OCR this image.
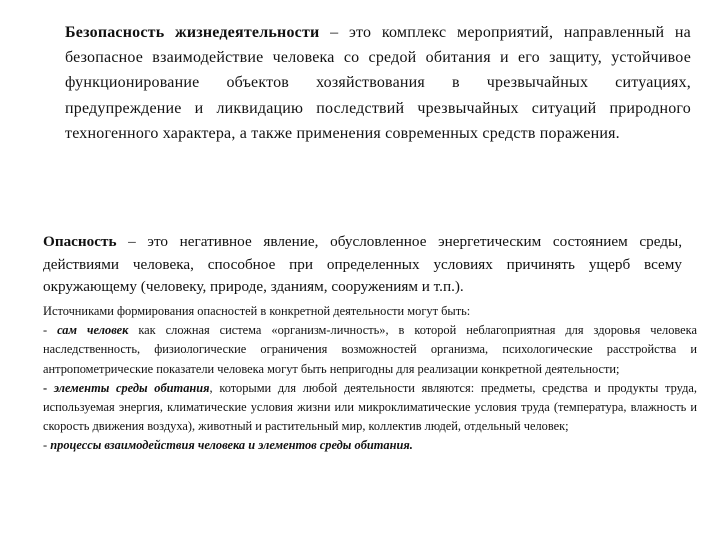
Безопасность жизнедеятельности – это комплекс мероприятий, направленный на безопасное взаимодействие человека со средой обитания и его защиту, устойчивое функционирование объектов хозяйствования в чрезвычайных ситуациях, предупреждение и ликвидацию последствий чрезвычайных ситуаций природного техногенного характера, а также применения современных средств поражения.

Опасность – это негативное явление, обусловленное энергетическим состоянием среды, действиями человека, способное при определенных условиях причинять ущерб всему окружающему (человеку, природе, зданиям, сооружениям и т.п.).

Источниками формирования опасностей в конкретной деятельности могут быть:
- сам человек как сложная система «организм-личность», в которой неблагоприятная для здоровья человека наследственность, физиологические ограничения возможностей организма, психологические расстройства и антропометрические показатели человека могут быть непригодны для реализации конкретной деятельности;
- элементы среды обитания, которыми для любой деятельности являются: предметы, средства и продукты труда, используемая энергия, климатические условия жизни или микроклиматические условия труда (температура, влажность и скорость движения воздуха), животный и растительный мир, коллектив людей, отдельный человек;
- процессы взаимодействия человека и элементов среды обитания.
